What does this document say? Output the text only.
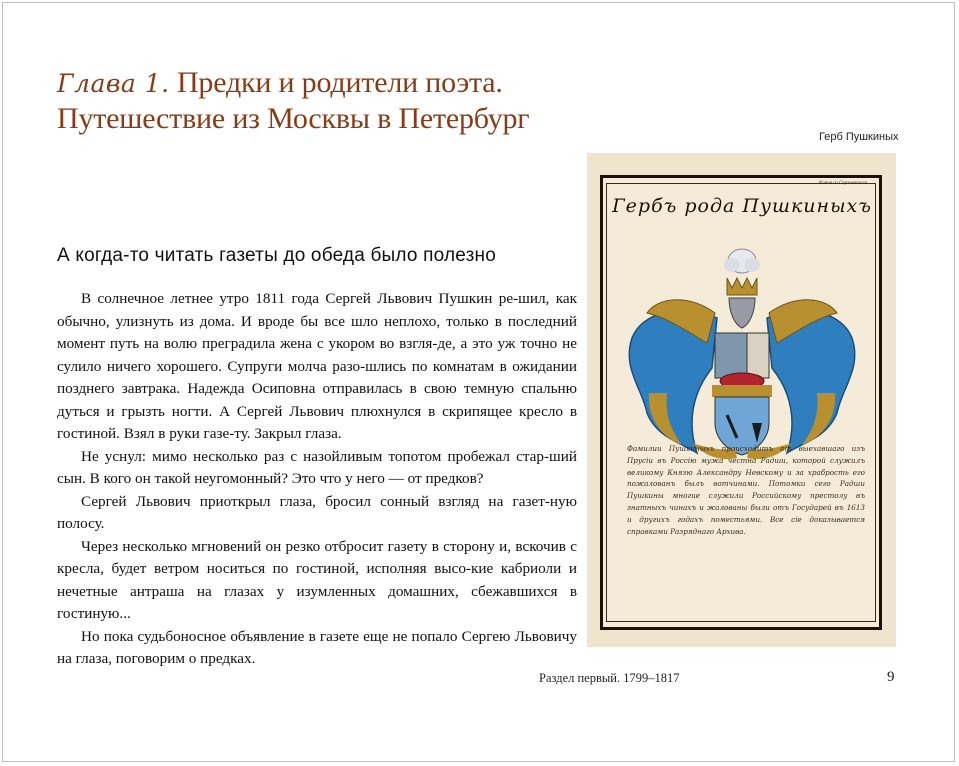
Глава 1. Предки и родители поэта.
Путешествие из Москвы в Петербург
Герб Пушкиных
Копия со Сергиевского...
Гербъ родa Пушкиныхъ
Фамилии Пушкиныхъ происходитъ от выехавшаго изъ Прусiи въ Россiю мужа честна Радши, которой служилъ великому Князю Александру Невскому и за храбрость его пожалованъ былъ вотчинами. Потомки сего Радши Пушкины многие служили Российскому престолу въ знатныхъ чинахъ и жалованы были отъ Государей въ 1613 и другихъ годахъ поместьями. Все сiе доказывается справками Разряднаго Архива.
А когда-то читать газеты до обеда было полезно

В солнечное летнее утро 1811 года Сергей Львович Пушкин ре-шил, как обычно, улизнуть из дома. И вроде бы все шло неплохо, только в последний момент путь на волю преградила жена с укором во взгля-де, а это уж точно не сулило ничего хорошего. Супруги молча разо-шлись по комнатам в ожидании позднего завтрака. Надежда Осиповна отправилась в свою темную спальню дуться и грызть ногти. А Сергей Львович плюхнулся в скрипящее кресло в гостиной. Взял в руки газе-ту. Закрыл глаза.

Не уснул: мимо несколько раз с назойливым топотом пробежал стар-ший сын. В кого он такой неугомонный? Это что у него — от предков?

Сергей Львович приоткрыл глаза, бросил сонный взгляд на газет-ную полосу.

Через несколько мгновений он резко отбросит газету в сторону и, вскочив с кресла, будет ветром носиться по гостиной, исполняя высо-кие кабриоли и нечетные антраша на глазах у изумленных домашних, сбежавшихся в гостиную...

Но пока судьбоносное объявление в газете еще не попало Сергею Львовичу на глаза, поговорим о предках.

Раздел первый. 1799–1817	9
